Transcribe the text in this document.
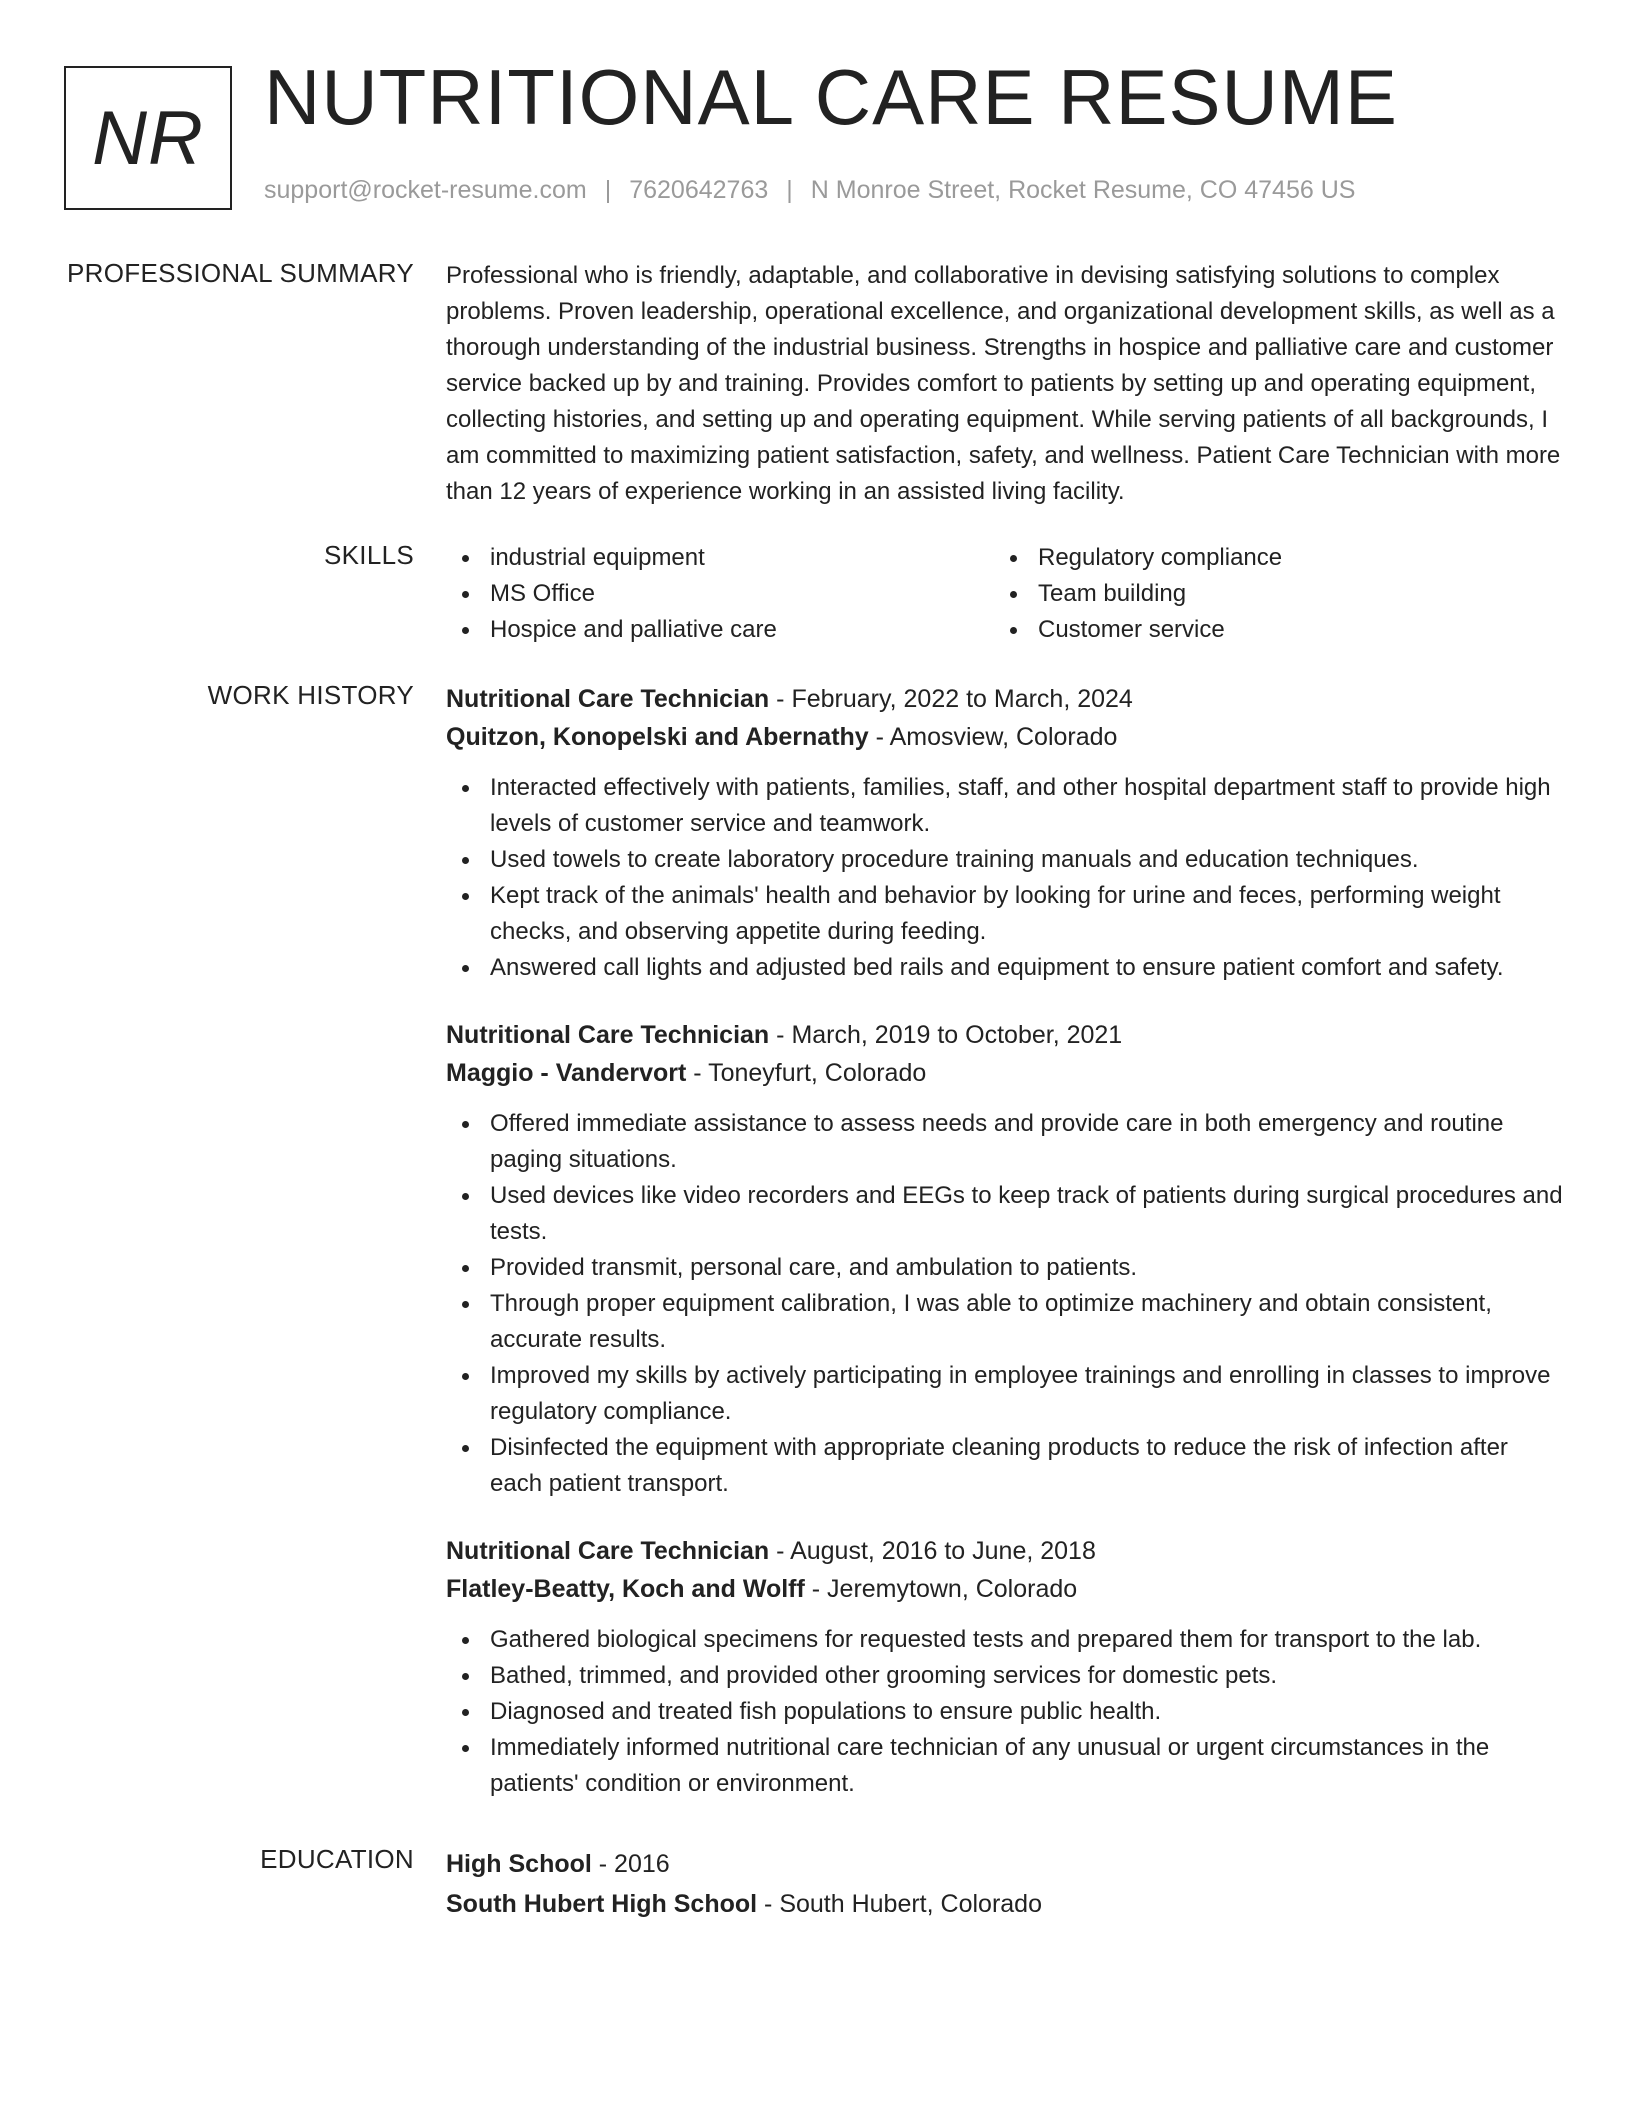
NR NUTRITIONAL CARE RESUME
support@rocket-resume.com | 7620642763 | N Monroe Street, Rocket Resume, CO 47456 US
PROFESSIONAL SUMMARY Professional who is friendly, adaptable, and collaborative in devising satisfying solutions to complex problems. Proven leadership, operational excellence, and organizational development skills, as well as a thorough understanding of the industrial business. Strengths in hospice and palliative care and customer service backed up by and training. Provides comfort to patients by setting up and operating equipment, collecting histories, and setting up and operating equipment. While serving patients of all backgrounds, I am committed to maximizing patient satisfaction, safety, and wellness. Patient Care Technician with more than 12 years of experience working in an assisted living facility.

SKILLS	industrial equipment
MS Office
Hospice and palliative care
Regulatory compliance
Team building
Customer service
WORK HISTORY Nutritional Care Technician - February, 2022 to March, 2024
Quitzon, Konopelski and Abernathy - Amosview, Colorado
Interacted effectively with patients, families, staff, and other hospital department staff to provide high levels of customer service and teamwork.
Used towels to create laboratory procedure training manuals and education techniques.
Kept track of the animals' health and behavior by looking for urine and feces, performing weight checks, and observing appetite during feeding.
Answered call lights and adjusted bed rails and equipment to ensure patient comfort and safety.
Nutritional Care Technician - March, 2019 to October, 2021
Maggio - Vandervort - Toneyfurt, Colorado
Offered immediate assistance to assess needs and provide care in both emergency and routine paging situations.
Used devices like video recorders and EEGs to keep track of patients during surgical procedures and tests.
Provided transmit, personal care, and ambulation to patients.
Through proper equipment calibration, I was able to optimize machinery and obtain consistent, accurate results.
Improved my skills by actively participating in employee trainings and enrolling in classes to improve regulatory compliance.
Disinfected the equipment with appropriate cleaning products to reduce the risk of infection after each patient transport.
Nutritional Care Technician - August, 2016 to June, 2018
Flatley-Beatty, Koch and Wolff - Jeremytown, Colorado
Gathered biological specimens for requested tests and prepared them for transport to the lab.
Bathed, trimmed, and provided other grooming services for domestic pets.
Diagnosed and treated fish populations to ensure public health.
Immediately informed nutritional care technician of any unusual or urgent circumstances in the patients' condition or environment.
EDUCATION High School - 2016
South Hubert High School - South Hubert, Colorado
